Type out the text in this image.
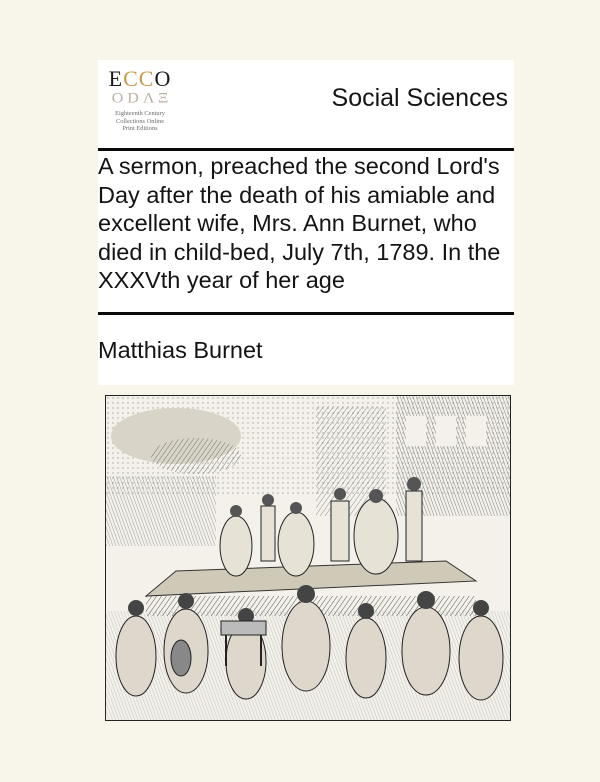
ECCO
O D Λ Ξ
Eighteenth Century
Collections Online
Print Editions
Social Sciences
A sermon, preached the second Lord's Day after the death of his amiable and excellent wife, Mrs. Ann Burnet, who died in child-bed, July 7th, 1789. In the XXXVth year of her age
Matthias Burnet
